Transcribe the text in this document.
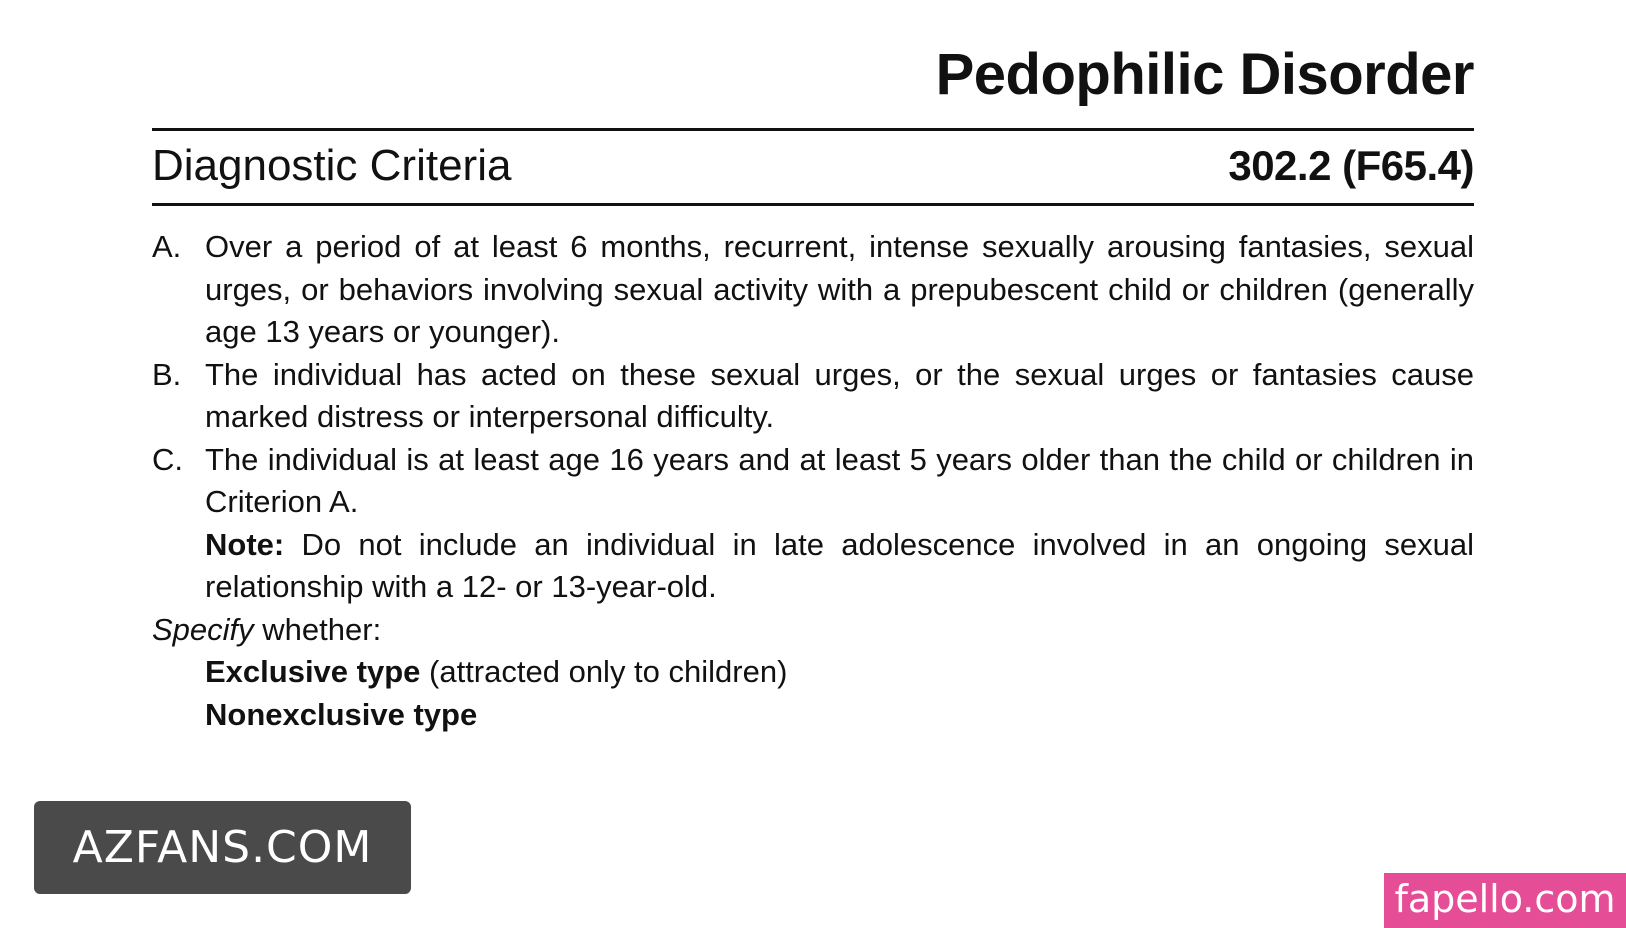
Pedophilic Disorder
Diagnostic Criteria	302.2 (F65.4)
A. Over a period of at least 6 months, recurrent, intense sexually arousing fantasies, sexual urges, or behaviors involving sexual activity with a prepubescent child or children (generally age 13 years or younger).
B. The individual has acted on these sexual urges, or the sexual urges or fantasies cause marked distress or interpersonal difficulty.
C. The individual is at least age 16 years and at least 5 years older than the child or children in Criterion A.
Note: Do not include an individual in late adolescence involved in an ongoing sexual relationship with a 12- or 13-year-old.
Specify whether:
Exclusive type (attracted only to children)
Nonexclusive type
AZFANS.COM
fapello.com
